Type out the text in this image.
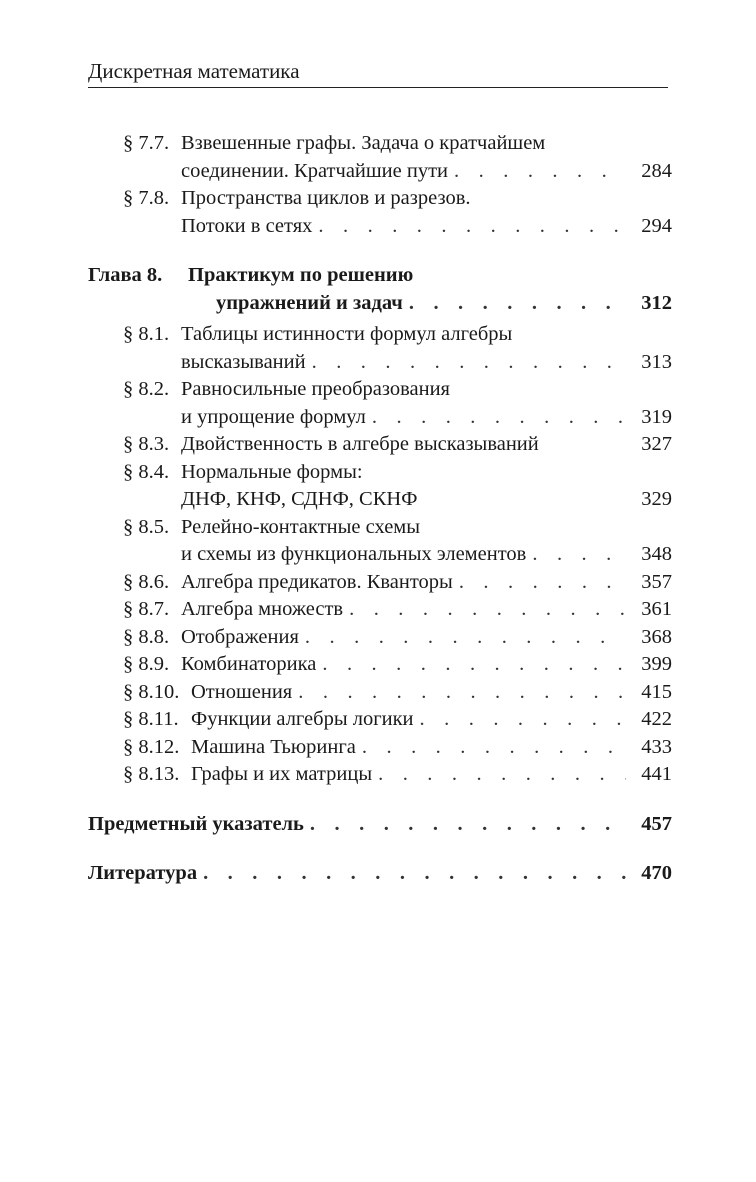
Дискретная математика
§ 7.7. Взвешенные графы. Задача о кратчайшем
соединении. Кратчайшие пути . . .	284
§ 7.8. Пространства циклов и разрезов.
Потоки в сетях . . .	294
Глава 8.	Практикум по решению
упражнений и задач . . .	312
§ 8.1. Таблицы истинности формул алгебры
высказываний . . .	313
§ 8.2. Равносильные преобразования
и упрощение формул . . .	319
§ 8.3. Двойственность в алгебре высказываний	327
§ 8.4. Нормальные формы:
ДНФ, КНФ, СДНФ, СКНФ	329
§ 8.5. Релейно-контактные схемы
и схемы из функциональных элементов . . .	348
§ 8.6. Алгебра предикатов. Кванторы . . .	357
§ 8.7. Алгебра множеств . . .	361
§ 8.8. Отображения . . .	368
§ 8.9. Комбинаторика . . .	399
§ 8.10. Отношения . . .	415
§ 8.11. Функции алгебры логики . . .	422
§ 8.12. Машина Тьюринга . . .	433
§ 8.13. Графы и их матрицы . . .	441
Предметный указатель . . .	457
Литература . . .	470
